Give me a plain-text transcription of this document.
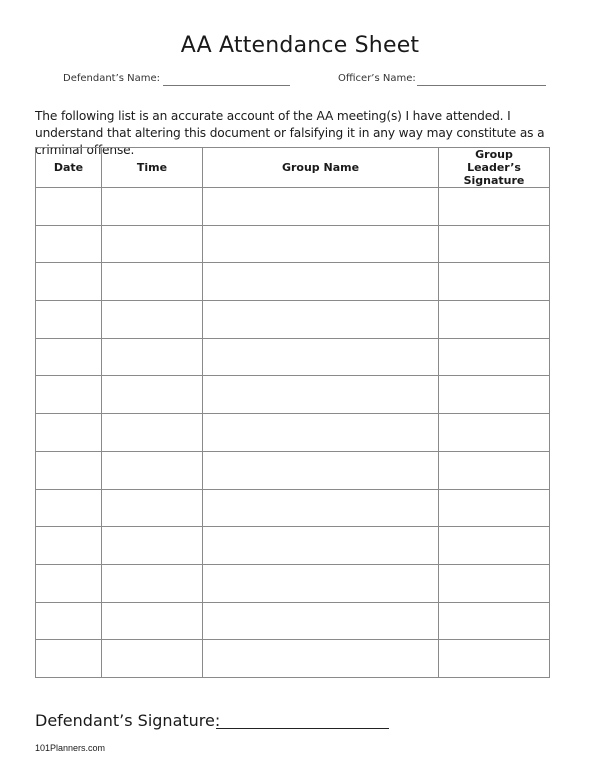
AA Attendance Sheet
Defendant’s Name:	Officer’s Name:

The following list is an accurate account of the AA meeting(s) I have attended. I understand that altering this document or falsifying it in any way may constitute as a criminal offense.

Date	Time	Group Name	Group Leader’s Signature

Defendant’s Signature:
101Planners.com
